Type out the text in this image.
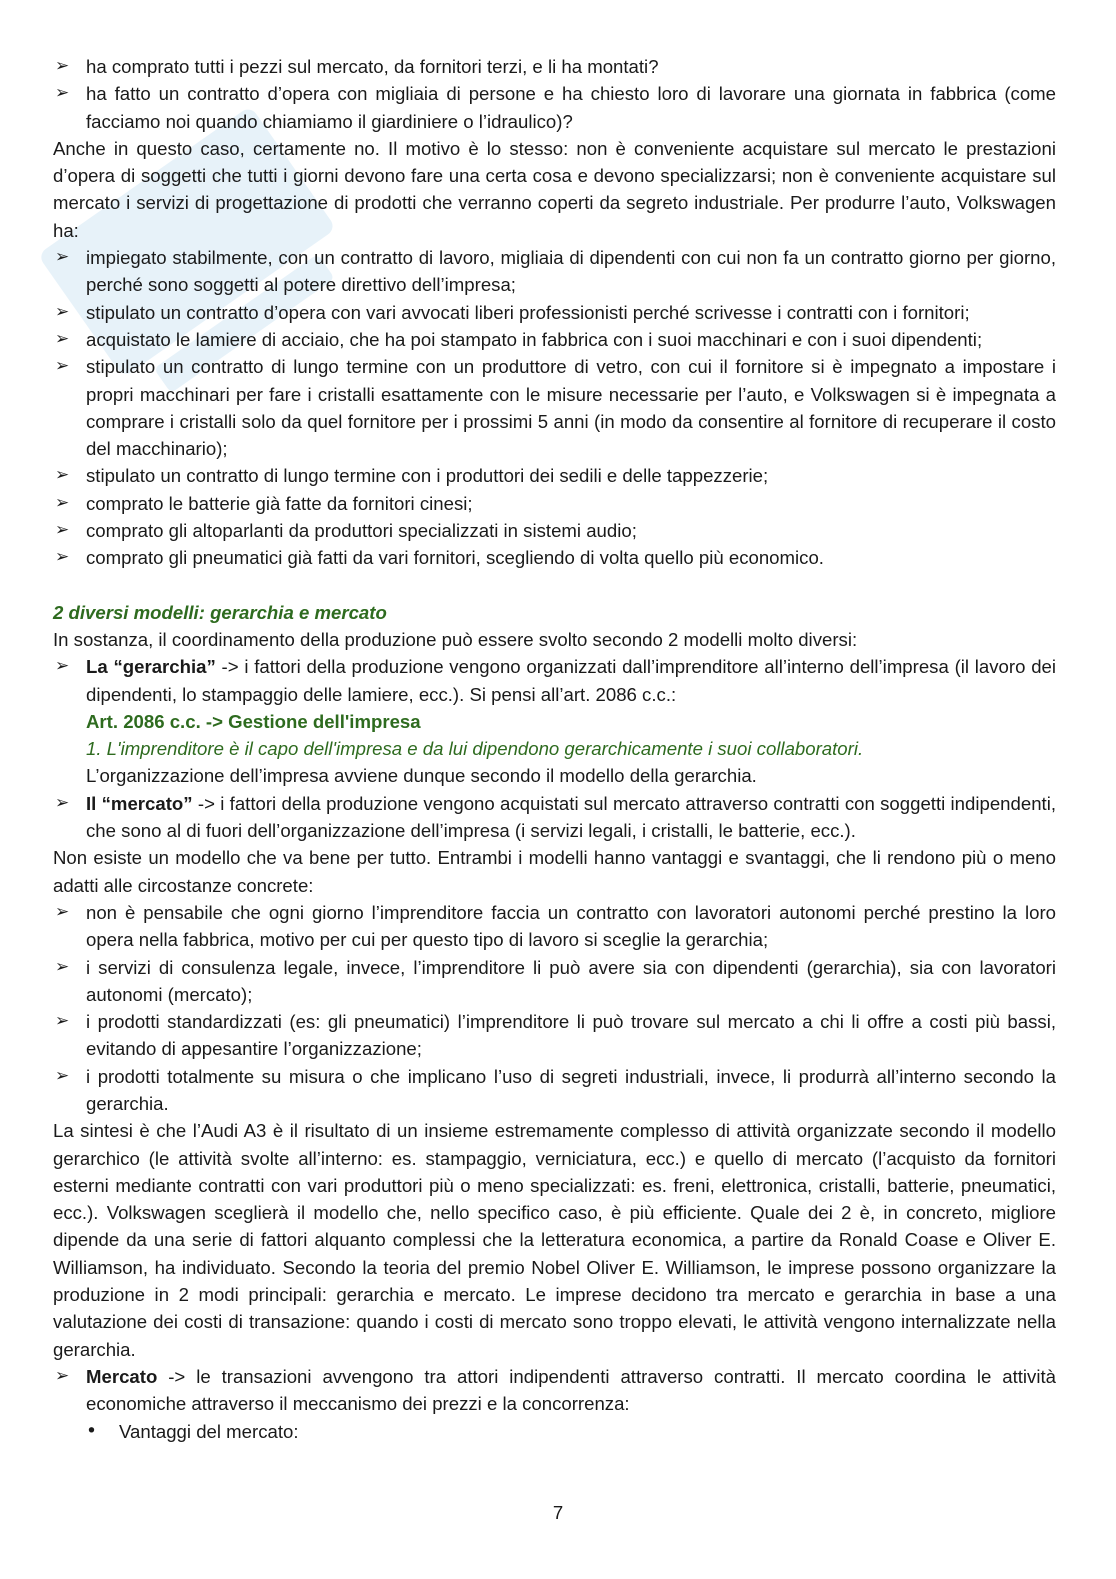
➢ ha comprato tutti i pezzi sul mercato, da fornitori terzi, e li ha montati?

➢ ha fatto un contratto d’opera con migliaia di persone e ha chiesto loro di lavorare una giornata in fabbrica (come facciamo noi quando chiamiamo il giardiniere o l’idraulico)?

Anche in questo caso, certamente no. Il motivo è lo stesso: non è conveniente acquistare sul mercato le prestazioni d’opera di soggetti che tutti i giorni devono fare una certa cosa e devono specializzarsi; non è conveniente acquistare sul mercato i servizi di progettazione di prodotti che verranno coperti da segreto industriale. Per produrre l’auto, Volkswagen ha:

➢ impiegato stabilmente, con un contratto di lavoro, migliaia di dipendenti con cui non fa un contratto giorno per giorno, perché sono soggetti al potere direttivo dell’impresa;

➢ stipulato un contratto d’opera con vari avvocati liberi professionisti perché scrivesse i contratti con i fornitori;

➢ acquistato le lamiere di acciaio, che ha poi stampato in fabbrica con i suoi macchinari e con i suoi dipendenti;

➢ stipulato un contratto di lungo termine con un produttore di vetro, con cui il fornitore si è impegnato a impostare i propri macchinari per fare i cristalli esattamente con le misure necessarie per l’auto, e Volkswagen si è impegnata a comprare i cristalli solo da quel fornitore per i prossimi 5 anni (in modo da consentire al fornitore di recuperare il costo del macchinario);

➢ stipulato un contratto di lungo termine con i produttori dei sedili e delle tappezzerie;

➢ comprato le batterie già fatte da fornitori cinesi;

➢ comprato gli altoparlanti da produttori specializzati in sistemi audio;

➢ comprato gli pneumatici già fatti da vari fornitori, scegliendo di volta quello più economico.

2 diversi modelli: gerarchia e mercato

In sostanza, il coordinamento della produzione può essere svolto secondo 2 modelli molto diversi:

➢ La “gerarchia” -> i fattori della produzione vengono organizzati dall’imprenditore all’interno dell’impresa (il lavoro dei dipendenti, lo stampaggio delle lamiere, ecc.). Si pensi all’art. 2086 c.c.:

Art. 2086 c.c. -> Gestione dell'impresa

1. L'imprenditore è il capo dell'impresa e da lui dipendono gerarchicamente i suoi collaboratori.

L’organizzazione dell’impresa avviene dunque secondo il modello della gerarchia.

➢ Il “mercato” -> i fattori della produzione vengono acquistati sul mercato attraverso contratti con soggetti indipendenti, che sono al di fuori dell’organizzazione dell’impresa (i servizi legali, i cristalli, le batterie, ecc.).

Non esiste un modello che va bene per tutto. Entrambi i modelli hanno vantaggi e svantaggi, che li rendono più o meno adatti alle circostanze concrete:

➢ non è pensabile che ogni giorno l’imprenditore faccia un contratto con lavoratori autonomi perché prestino la loro opera nella fabbrica, motivo per cui per questo tipo di lavoro si sceglie la gerarchia;

➢ i servizi di consulenza legale, invece, l’imprenditore li può avere sia con dipendenti (gerarchia), sia con lavoratori autonomi (mercato);

➢ i prodotti standardizzati (es: gli pneumatici) l’imprenditore li può trovare sul mercato a chi li offre a costi più bassi, evitando di appesantire l’organizzazione;

➢ i prodotti totalmente su misura o che implicano l’uso di segreti industriali, invece, li produrrà all’interno secondo la gerarchia.

La sintesi è che l’Audi A3 è il risultato di un insieme estremamente complesso di attività organizzate secondo il modello gerarchico (le attività svolte all’interno: es. stampaggio, verniciatura, ecc.) e quello di mercato (l’acquisto da fornitori esterni mediante contratti con vari produttori più o meno specializzati: es. freni, elettronica, cristalli, batterie, pneumatici, ecc.). Volkswagen sceglierà il modello che, nello specifico caso, è più efficiente. Quale dei 2 è, in concreto, migliore dipende da una serie di fattori alquanto complessi che la letteratura economica, a partire da Ronald Coase e Oliver E. Williamson, ha individuato. Secondo la teoria del premio Nobel Oliver E. Williamson, le imprese possono organizzare la produzione in 2 modi principali: gerarchia e mercato. Le imprese decidono tra mercato e gerarchia in base a una valutazione dei costi di transazione: quando i costi di mercato sono troppo elevati, le attività vengono internalizzate nella gerarchia.

➢ Mercato -> le transazioni avvengono tra attori indipendenti attraverso contratti. Il mercato coordina le attività economiche attraverso il meccanismo dei prezzi e la concorrenza:

• Vantaggi del mercato:

7
